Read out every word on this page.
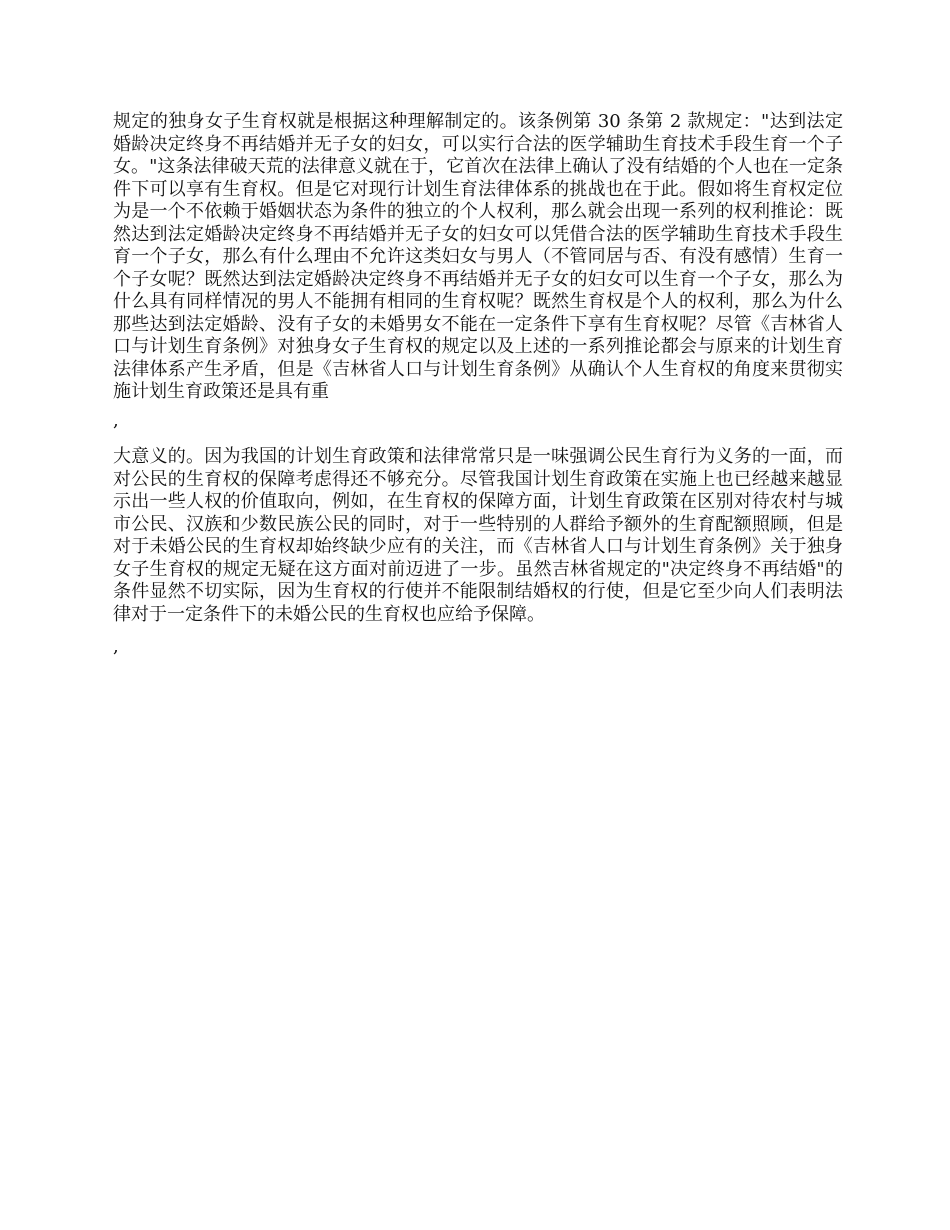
规定的独身女子生育权就是根据这种理解制定的。该条例第 30 条第 2 款规定："达到法定婚龄决定终身不再结婚并无子女的妇女，可以实行合法的医学辅助生育技术手段生育一个子女。"这条法律破天荒的法律意义就在于，它首次在法律上确认了没有结婚的个人也在一定条件下可以享有生育权。但是它对现行计划生育法律体系的挑战也在于此。假如将生育权定位为是一个不依赖于婚姻状态为条件的独立的个人权利，那么就会出现一系列的权利推论：既然达到法定婚龄决定终身不再结婚并无子女的妇女可以凭借合法的医学辅助生育技术手段生育一个子女，那么有什么理由不允许这类妇女与男人（不管同居与否、有没有感情）生育一个子女呢？既然达到法定婚龄决定终身不再结婚并无子女的妇女可以生育一个子女，那么为什么具有同样情况的男人不能拥有相同的生育权呢？既然生育权是个人的权利，那么为什么那些达到法定婚龄、没有子女的未婚男女不能在一定条件下享有生育权呢？尽管《吉林省人口与计划生育条例》对独身女子生育权的规定以及上述的一系列推论都会与原来的计划生育法律体系产生矛盾，但是《吉林省人口与计划生育条例》从确认个人生育权的角度来贯彻实施计划生育政策还是具有重

,

大意义的。因为我国的计划生育政策和法律常常只是一味强调公民生育行为义务的一面，而对公民的生育权的保障考虑得还不够充分。尽管我国计划生育政策在实施上也已经越来越显示出一些人权的价值取向，例如，在生育权的保障方面，计划生育政策在区别对待农村与城市公民、汉族和少数民族公民的同时，对于一些特别的人群给予额外的生育配额照顾，但是对于未婚公民的生育权却始终缺少应有的关注，而《吉林省人口与计划生育条例》关于独身女子生育权的规定无疑在这方面对前迈进了一步。虽然吉林省规定的"决定终身不再结婚"的条件显然不切实际，因为生育权的行使并不能限制结婚权的行使，但是它至少向人们表明法律对于一定条件下的未婚公民的生育权也应给予保障。

,
